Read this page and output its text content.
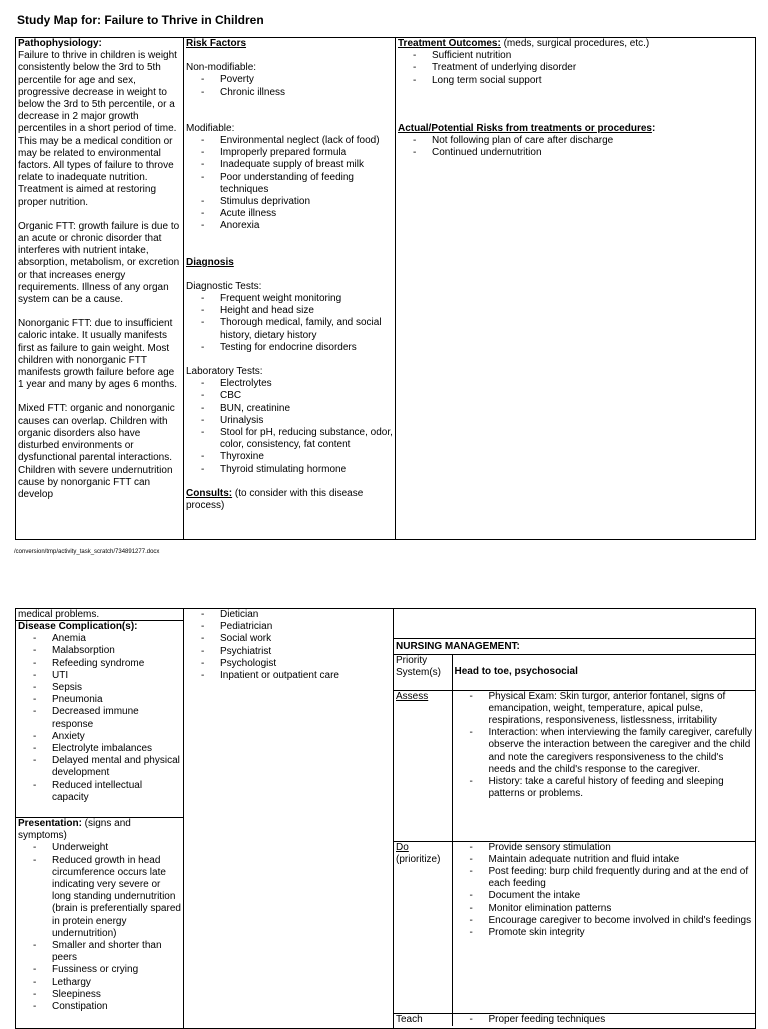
Study Map for: Failure to Thrive in Children
Pathophysiology:
Failure to thrive in children is weight consistently below the 3rd to 5th percentile for age and sex, progressive decrease in weight to below the 3rd to 5th percentile, or a decrease in 2 major growth percentiles in a short period of time. This may be a medical condition or may be related to environmental factors. All types of failure to throve relate to inadequate nutrition. Treatment is aimed at restoring proper nutrition.
Organic FTT: growth failure is due to an acute or chronic disorder that interferes with nutrient intake, absorption, metabolism, or excretion or that increases energy requirements. Illness of any organ system can be a cause.
Nonorganic FTT: due to insufficient caloric intake. It usually manifests first as failure to gain weight. Most children with nonorganic FTT manifests growth failure before age 1 year and many by ages 6 months.
Mixed FTT: organic and nonorganic causes can overlap. Children with organic disorders also have disturbed environments or dysfunctional parental interactions. Children with severe undernutrition cause by nonorganic FTT can develop

Risk Factors
Non-modifiable:
- Poverty
- Chronic illness
Modifiable:
- Environmental neglect (lack of food)
- Improperly prepared formula
- Inadequate supply of breast milk
- Poor understanding of feeding techniques
- Stimulus deprivation
- Acute illness
- Anorexia
Diagnosis
Diagnostic Tests:
- Frequent weight monitoring
- Height and head size
- Thorough medical, family, and social history, dietary history
- Testing for endocrine disorders
Laboratory Tests:
- Electrolytes
- CBC
- BUN, creatinine
- Urinalysis
- Stool for pH, reducing substance, odor, color, consistency, fat content
- Thyroxine
- Thyroid stimulating hormone
Consults: (to consider with this disease process)

Treatment Outcomes: (meds, surgical procedures, etc.)
- Sufficient nutrition
- Treatment of underlying disorder
- Long term social support
Actual/Potential Risks from treatments or procedures:
- Not following plan of care after discharge
- Continued undernutrition
/conversion/tmp/activity_task_scratch/734891277.docx
medical problems.
Disease Complication(s):
- Anemia
- Malabsorption
- Refeeding syndrome
- UTI
- Sepsis
- Pneumonia
- Decreased immune response
- Anxiety
- Electrolyte imbalances
- Delayed mental and physical development
- Reduced intellectual capacity
Presentation: (signs and symptoms)
- Underweight
- Reduced growth in head circumference occurs late indicating very severe or long standing undernutrition (brain is preferentially spared in protein energy undernutrition)
- Smaller and shorter than peers
- Fussiness or crying
- Lethargy
- Sleepiness
- Constipation

- Dietician
- Pediatrician
- Social work
- Psychiatrist
- Psychologist
- Inpatient or outpatient care

NURSING MANAGEMENT:
Priority System(s)	Head to toe, psychosocial
Assess	
-Physical Exam: Skin turgor, anterior fontanel, signs of emancipation, weight, temperature, apical pulse, respirations, responsiveness, listlessness, irritability
- Interaction: when interviewing the family caregiver, carefully observe the interaction between the caregiver and the child and note the caregivers responsiveness to the child's needs and the child's response to the caregiver.
- History: take a careful history of feeding and sleeping patterns or problems.

Do
(prioritize)

- Provide sensory stimulation
- Maintain adequate nutrition and fluid intake
- Post feeding: burp child frequently during and at the end of each feeding
- Document the intake
- Monitor elimination patterns
- Encourage caregiver to become involved in child's feedings
- Promote skin integrity

Teach	
-Proper feeding techniques
